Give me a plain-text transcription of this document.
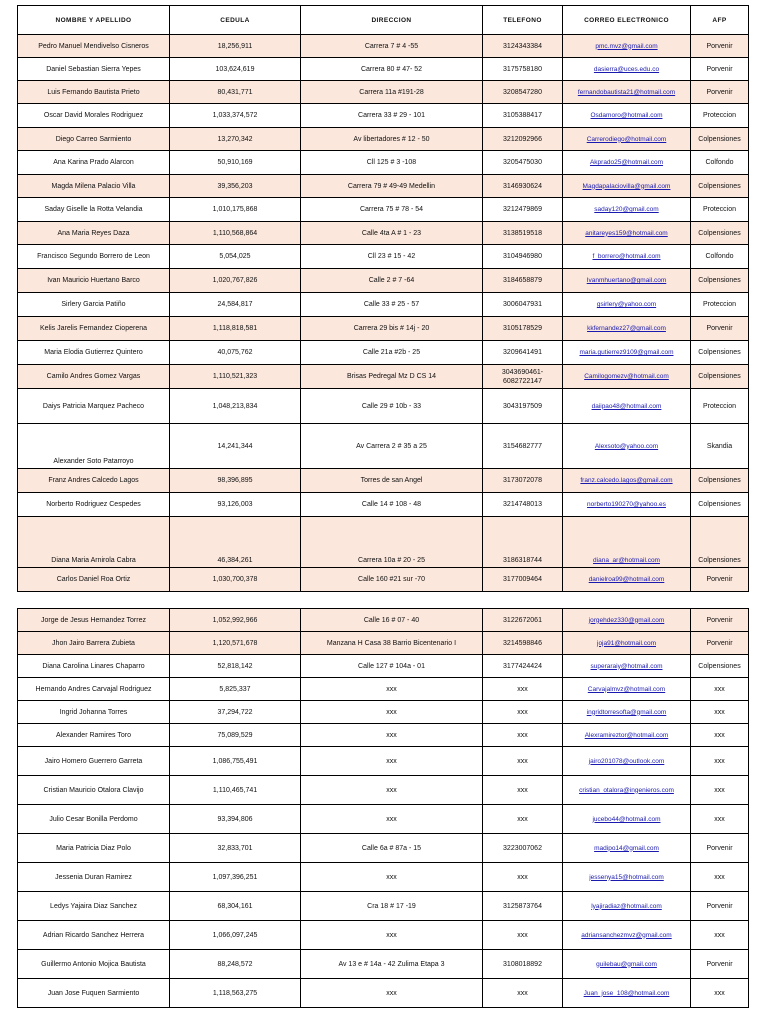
NOMBRE Y APELLIDO	CEDULA	DIRECCION	TELEFONO	CORREO ELECTRONICO	AFP
Pedro Manuel Mendivelso Cisneros	18,256,911	Carrera 7 # 4 -55	3124343384	pmc.mvz@gmail.com	Porvenir
Daniel Sebastian Sierra Yepes	103,624,619	Carrera 80 # 47- 52	3175758180	dasierra@uces.edu.co	Porvenir
Luis Fernando Bautista Prieto	80,431,771	Carrera 11a #191-28	3208547280	fernandobautista21@hotmail.com	Porvenir
Oscar David Morales Rodriguez	1,033,374,572	Carrera 33 # 29 - 101	3105388417	Osdamoro@hotmail.com	Proteccion
Diego Carreo Sarmiento	13,270,342	Av libertadores # 12 - 50	3212092966	Carrerodiego@hotmail.com	Colpensiones
Ana Karina Prado Alarcon	50,910,169	Cll 125 # 3 -108	3205475030	Akprado25@hotmail.com	Colfondo
Magda Milena Palacio Villa	39,356,203	Carrera 79 # 49-49 Medellin	3146930624	Magdapalaciovilla@gmail.com	Colpensiones
Saday Giselle la Rotta Velandia	1,010,175,868	Carrera 75 # 78 - 54	3212479869	saday120@gmail.com	Proteccion
Ana Maria Reyes Daza	1,110,568,864	Calle 4ta A # 1 - 23	3138519518	anitareyes159@hotmail.com	Colpensiones
Francisco Segundo Borrero de Leon	5,054,025	Cll 23 # 15 - 42	3104946980	f_borrero@hotmail.com	Colfondo
Ivan Mauricio Huertano Barco	1,020,767,826	Calle 2 # 7 -64	3184658879	Ivanmhuertano@gmail.com	Colpensiones
Sirlery Garcia Patiño	24,584,817	Calle 33 # 25 - 57	3006047931	gsirlery@yahoo.com	Proteccion
Kelis Jarelis Fernandez Cioperena	1,118,818,581	Carrera 29 bis # 14j - 20	3105178529	kkfernandez27@gmail.com	Porvenir
Maria Elodia Gutierrez Quintero	40,075,762	Calle 21a #2b - 25	3209641491	maria.gutierrez9109@gmail.com	Colpensiones
Camilo Andres Gomez Vargas	1,110,521,323	Brisas Pedregal Mz D CS 14	3043690461-6082722147	Camilogomezv@hotmail.com	Colpensiones
Daiys Patricia Marquez Pacheco	1,048,213,834	Calle 29 # 10b - 33	3043197509	daiipao48@hotmail.com	Proteccion
Alexander Soto Patarroyo	14,241,344	Av Carrera 2 # 35 a 25	3154682777	Alexsoto@yahoo.com	Skandia
Franz Andres Calcedo Lagos	98,396,895	Torres de san Angel	3173072078	franz.calcedo.lagos@gmail.com	Colpensiones
Norberto Rodriguez Cespedes	93,126,003	Calle 14 # 108 - 48	3214748013	norberto190270@yahoo.es	Colpensiones
Diana Maria Arnirola Cabra	46,384,261	Carrera 10a # 20 - 25	3186318744	diana_ar@hotmail.com	Colpensiones
Carlos Daniel Roa Ortiz	1,030,700,378	Calle 160 #21 sur -70	3177009464	danielroa99@hotmail.com	Porvenir
Jorge de Jesus Hernandez Torrez	1,052,992,966	Calle 16 # 07 - 40	3122672061	jorgehdez330@gmail.com	Porvenir
Jhon Jairo Barrera Zubieta	1,120,571,678	Manzana H Casa 38 Barrio Bicentenario I	3214598846	joja91@hotmail.com	Porvenir
Diana Carolina Linares Chaparro	52,818,142	Calle 127 # 104a - 01	3177424424	superaraiy@hotmail.com	Colpensiones
Hernando Andres Carvajal Rodriguez	5,825,337	xxx	xxx	Carvajalmvz@hotmail.com	xxx
Ingrid Johanna Torres	37,294,722	xxx	xxx	ingridtorresofta@gmail.com	xxx
Alexander Ramires Toro	75,089,529	xxx	xxx	Alexramireztor@hotmail.com	xxx
Jairo Homero Guerrero Garreta	1,086,755,491	xxx	xxx	jairo201078@outlook.com	xxx
Cristian Mauricio Otalora Clavijo	1,110,465,741	xxx	xxx	cristian_otalora@ingenieros.com	xxx
Julio Cesar Bonilla Perdomo	93,394,806	xxx	xxx	jucebo44@hotmail.com	xxx
Maria Patricia Diaz Polo	32,833,701	Calle 6a # 87a - 15	3223007062	madipo14@gmail.com	Porvenir
Jessenia Duran Ramirez	1,097,396,251	xxx	xxx	jessenya15@hotmail.com	xxx
Ledys Yajaira Diaz Sanchez	68,304,161	Cra 18 # 17 -19	3125873764	lyajiradiaz@hotmail.com	Porvenir
Adrian Ricardo Sanchez Herrera	1,066,097,245	xxx	xxx	adriansanchezmvz@gmail.com	xxx
Guillermo Antonio Mojica Bautista	88,248,572	Av 13 e # 14a - 42 Zulima Etapa 3	3108018892	guilebau@gmail.com	Porvenir
Juan Jose Fuquen Sarmiento	1,118,563,275	xxx	xxx	Juan_jose_108@hotmail.com	xxx
